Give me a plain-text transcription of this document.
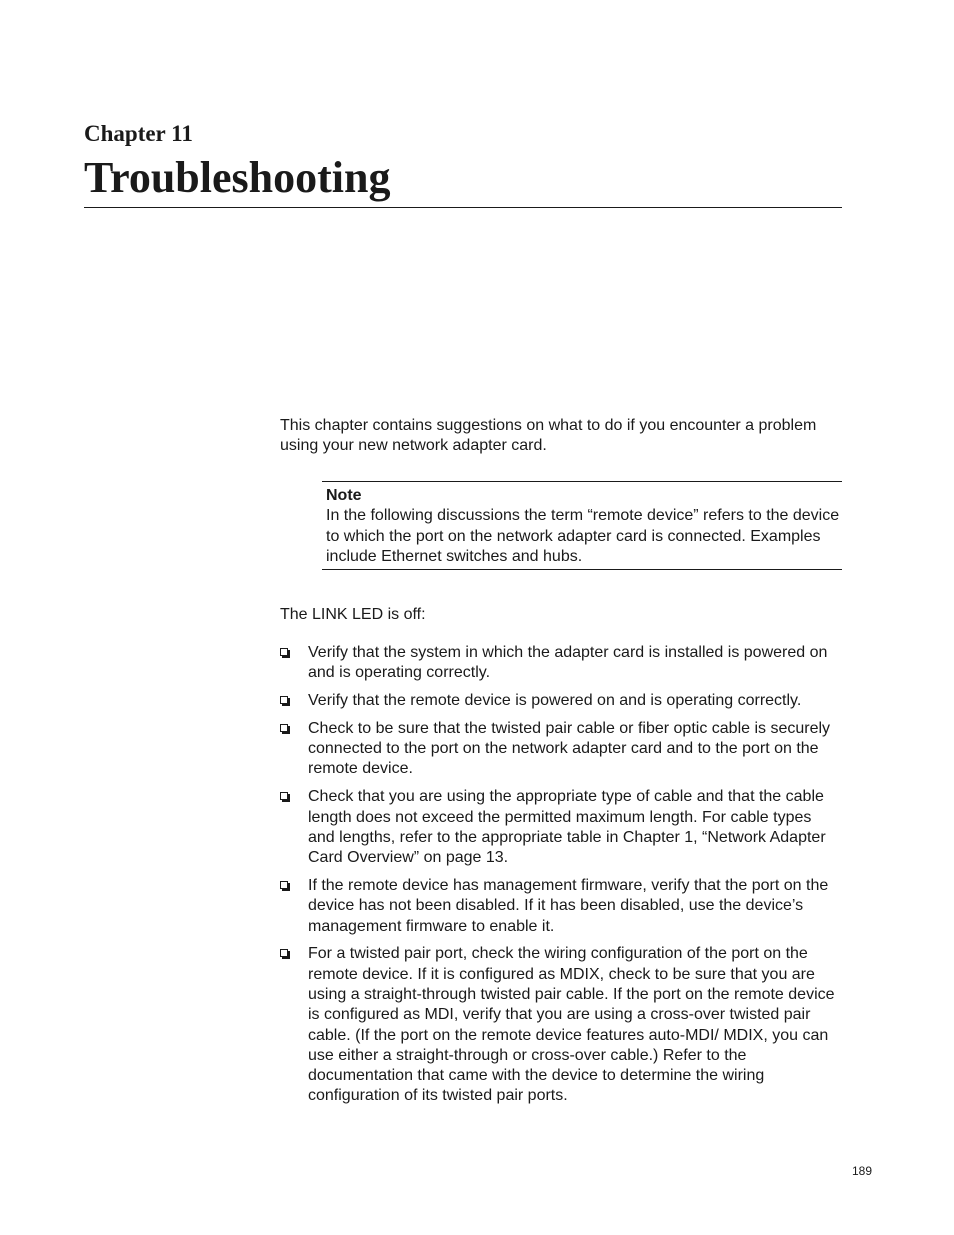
Chapter 11
Troubleshooting

This chapter contains suggestions on what to do if you encounter a problem using your new network adapter card.

Note
In the following discussions the term “remote device” refers to the device to which the port on the network adapter card is connected. Examples include Ethernet switches and hubs.

The LINK LED is off:

Verify that the system in which the adapter card is installed is powered on and is operating correctly.
Verify that the remote device is powered on and is operating correctly.
Check to be sure that the twisted pair cable or fiber optic cable is securely connected to the port on the network adapter card and to the port on the remote device.
Check that you are using the appropriate type of cable and that the cable length does not exceed the permitted maximum length. For cable types and lengths, refer to the appropriate table in Chapter 1, “Network Adapter Card Overview” on page 13.
If the remote device has management firmware, verify that the port on the device has not been disabled. If it has been disabled, use the device’s management firmware to enable it.
For a twisted pair port, check the wiring configuration of the port on the remote device. If it is configured as MDIX, check to be sure that you are using a straight-through twisted pair cable. If the port on the remote device is configured as MDI, verify that you are using a cross-over twisted pair cable. (If the port on the remote device features auto-MDI/ MDIX, you can use either a straight-through or cross-over cable.) Refer to the documentation that came with the device to determine the wiring configuration of its twisted pair ports.

189
